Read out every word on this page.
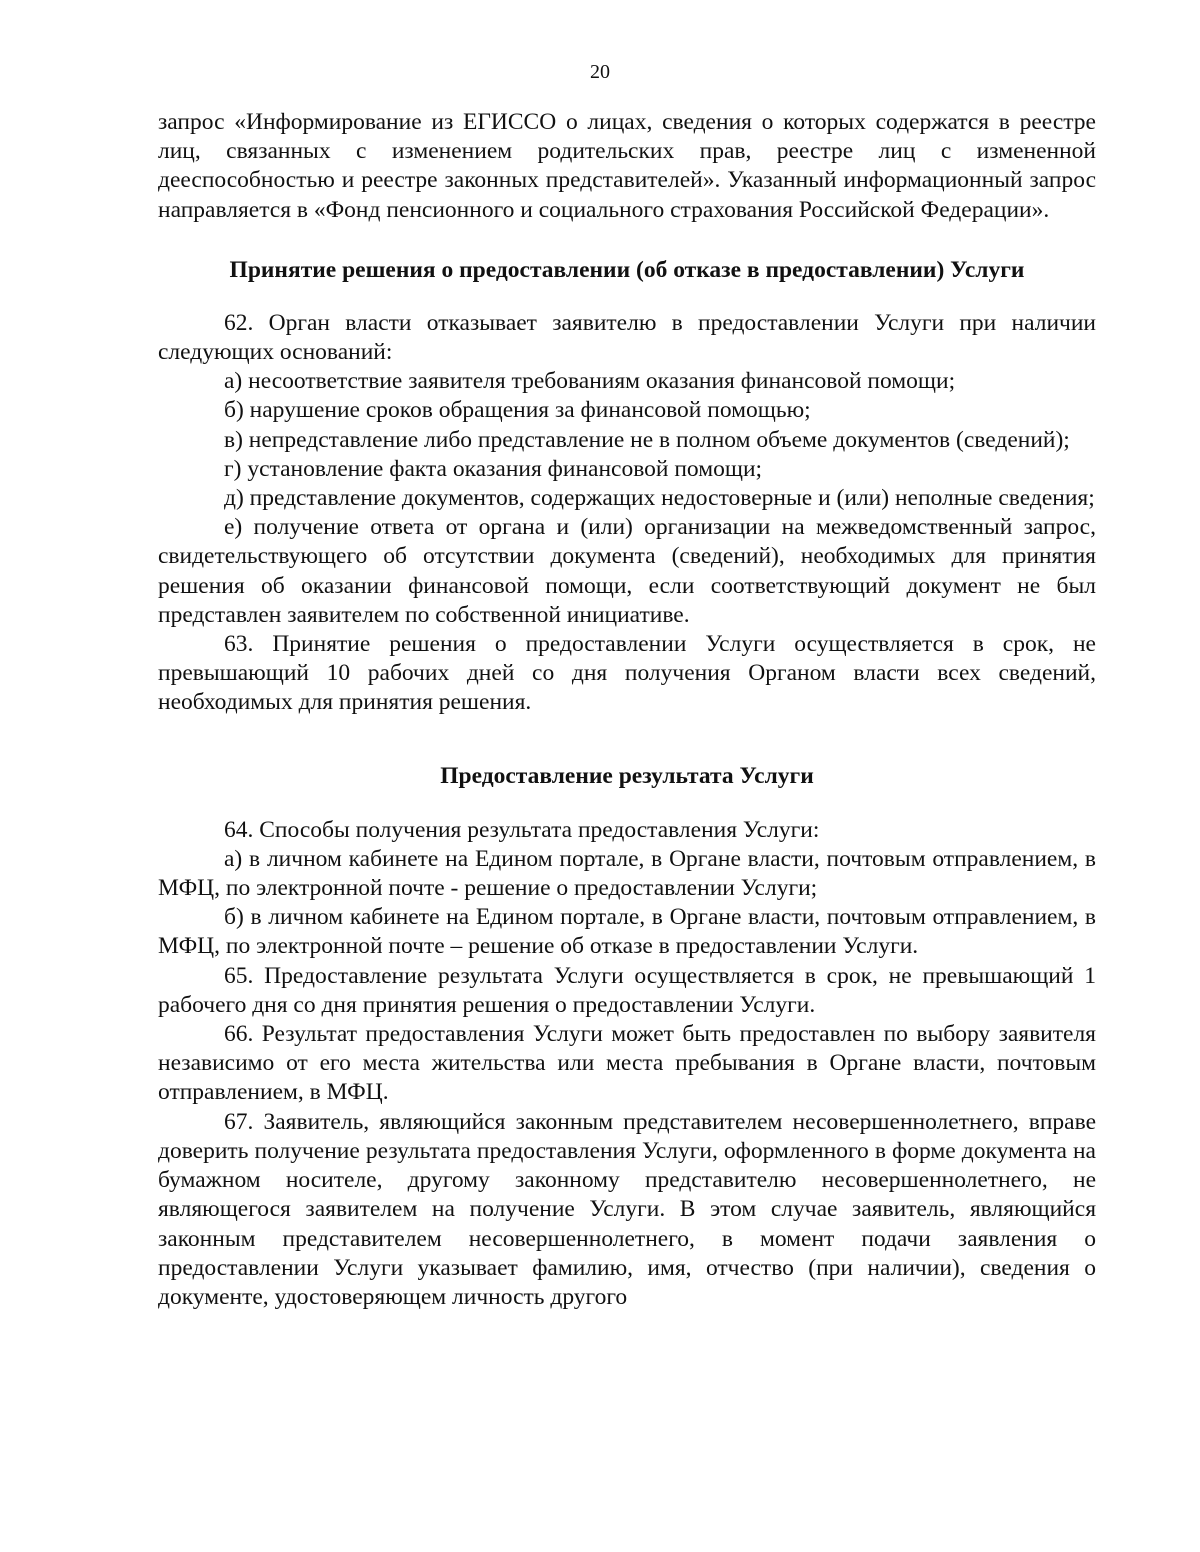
20

запрос «Информирование из ЕГИССО о лицах, сведения о которых содержатся в реестре лиц, связанных с изменением родительских прав, реестре лиц с измененной дееспособностью и реестре законных представителей». Указанный информационный запрос направляется в «Фонд пенсионного и социального страхования Российской Федерации».

Принятие решения о предоставлении (об отказе в предоставлении) Услуги

62. Орган власти отказывает заявителю в предоставлении Услуги при наличии следующих оснований:

а) несоответствие заявителя требованиям оказания финансовой помощи;

б) нарушение сроков обращения за финансовой помощью;

в) непредставление либо представление не в полном объеме документов (сведений);

г) установление факта оказания финансовой помощи;

д) представление документов, содержащих недостоверные и (или) неполные сведения;

е) получение ответа от органа и (или) организации на межведомственный запрос, свидетельствующего об отсутствии документа (сведений), необходимых для принятия решения об оказании финансовой помощи, если соответствующий документ не был представлен заявителем по собственной инициативе.

63. Принятие решения о предоставлении Услуги осуществляется в срок, не превышающий 10 рабочих дней со дня получения Органом власти всех сведений, необходимых для принятия решения.

Предоставление результата Услуги

64. Способы получения результата предоставления Услуги:

а) в личном кабинете на Едином портале, в Органе власти, почтовым отправлением, в МФЦ, по электронной почте - решение о предоставлении Услуги;

б) в личном кабинете на Едином портале, в Органе власти, почтовым отправлением, в МФЦ, по электронной почте – решение об отказе в предоставлении Услуги.

65. Предоставление результата Услуги осуществляется в срок, не превышающий 1 рабочего дня со дня принятия решения о предоставлении Услуги.

66. Результат предоставления Услуги может быть предоставлен по выбору заявителя независимо от его места жительства или места пребывания в Органе власти, почтовым отправлением, в МФЦ.

67. Заявитель, являющийся законным представителем несовершеннолетнего, вправе доверить получение результата предоставления Услуги, оформленного в форме документа на бумажном носителе, другому законному представителю несовершеннолетнего, не являющегося заявителем на получение Услуги. В этом случае заявитель, являющийся законным представителем несовершеннолетнего, в момент подачи заявления о предоставлении Услуги указывает фамилию, имя, отчество (при наличии), сведения о документе, удостоверяющем личность другого
